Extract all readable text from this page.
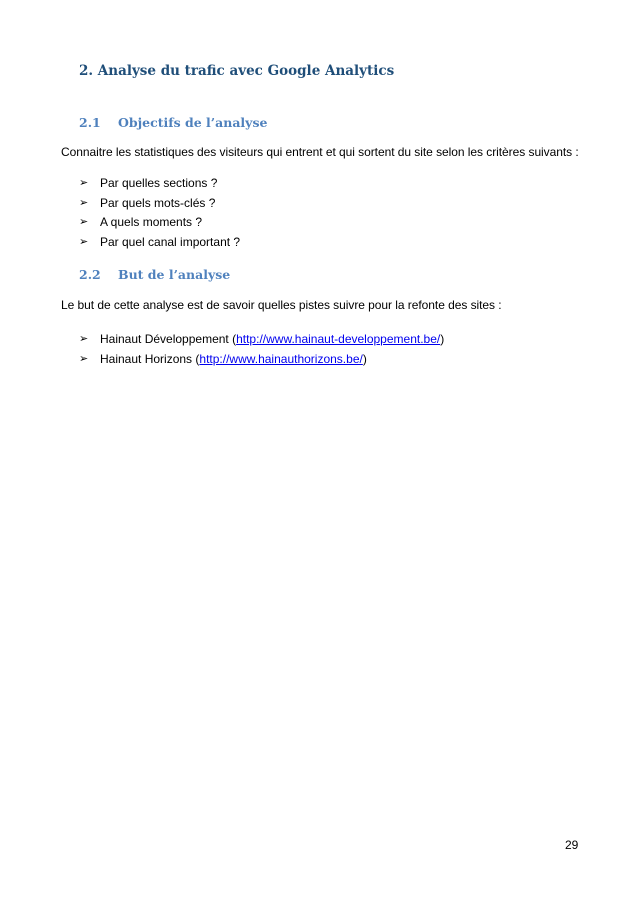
2. Analyse du trafic avec Google Analytics
2.1 Objectifs de l’analyse
Connaitre les statistiques des visiteurs qui entrent et qui sortent du site selon les critères suivants :
➢ Par quelles sections ?
➢ Par quels mots-clés ?
➢ A quels moments ?
➢ Par quel canal important ?
2.2 But de l’analyse
Le but de cette analyse est de savoir quelles pistes suivre pour la refonte des sites :
➢ Hainaut Développement (http://www.hainaut-developpement.be/)
➢ Hainaut Horizons (http://www.hainauthorizons.be/)
29
